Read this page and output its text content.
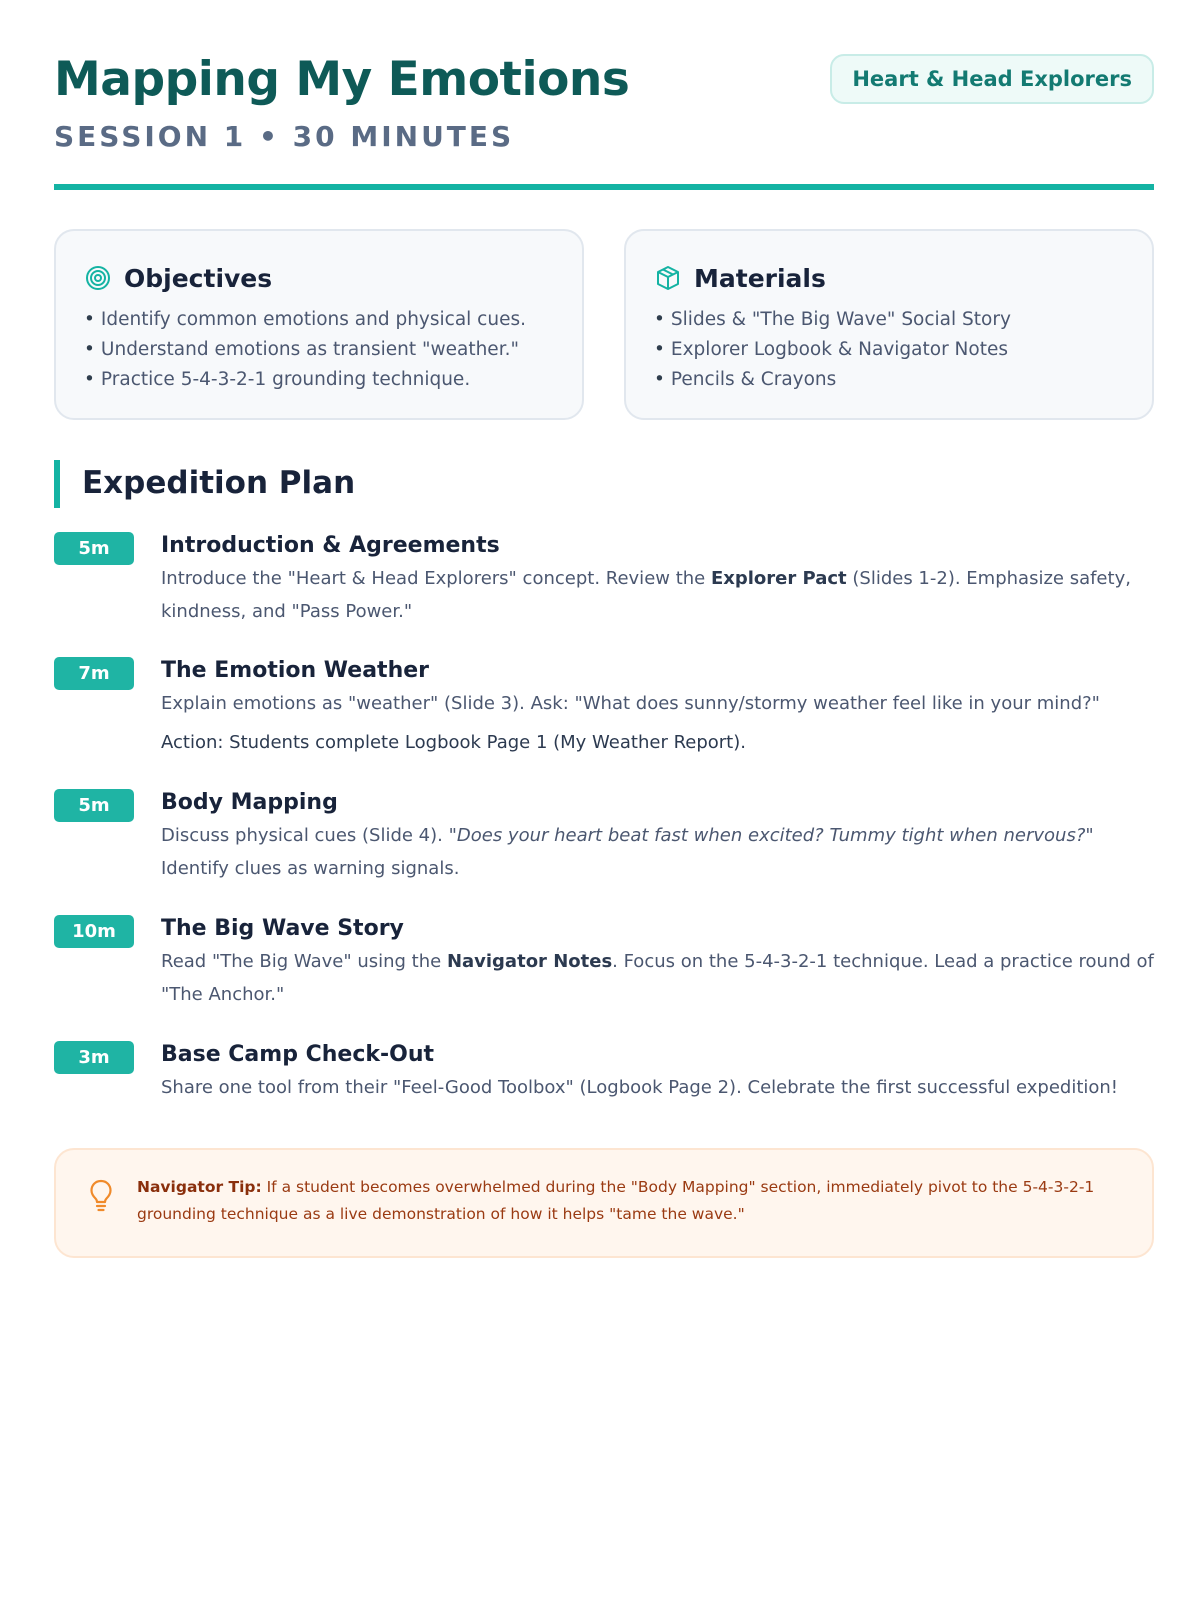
Mapping My Emotions
SESSION 1 • 30 MINUTES
Heart & Head Explorers
Objectives
• Identify common emotions and physical cues.
• Understand emotions as transient "weather."
• Practice 5-4-3-2-1 grounding technique.
Materials
• Slides & "The Big Wave" Social Story
• Explorer Logbook & Navigator Notes
• Pencils & Crayons
Expedition Plan
5m	Introduction & Agreements
Introduce the "Heart & Head Explorers" concept. Review the Explorer Pact (Slides 1-2). Emphasize safety, kindness, and "Pass Power."
7m	The Emotion Weather
Explain emotions as "weather" (Slide 3). Ask: "What does sunny/stormy weather feel like in your mind?"
Action: Students complete Logbook Page 1 (My Weather Report).
5m	Body Mapping
Discuss physical cues (Slide 4). "Does your heart beat fast when excited? Tummy tight when nervous?" Identify clues as warning signals.
10m	The Big Wave Story
Read "The Big Wave" using the Navigator Notes. Focus on the 5-4-3-2-1 technique. Lead a practice round of "The Anchor."
3m	Base Camp Check-Out
Share one tool from their "Feel-Good Toolbox" (Logbook Page 2). Celebrate the first successful expedition!
Navigator Tip: If a student becomes overwhelmed during the "Body Mapping" section, immediately pivot to the 5-4-3-2-1 grounding technique as a live demonstration of how it helps "tame the wave."
